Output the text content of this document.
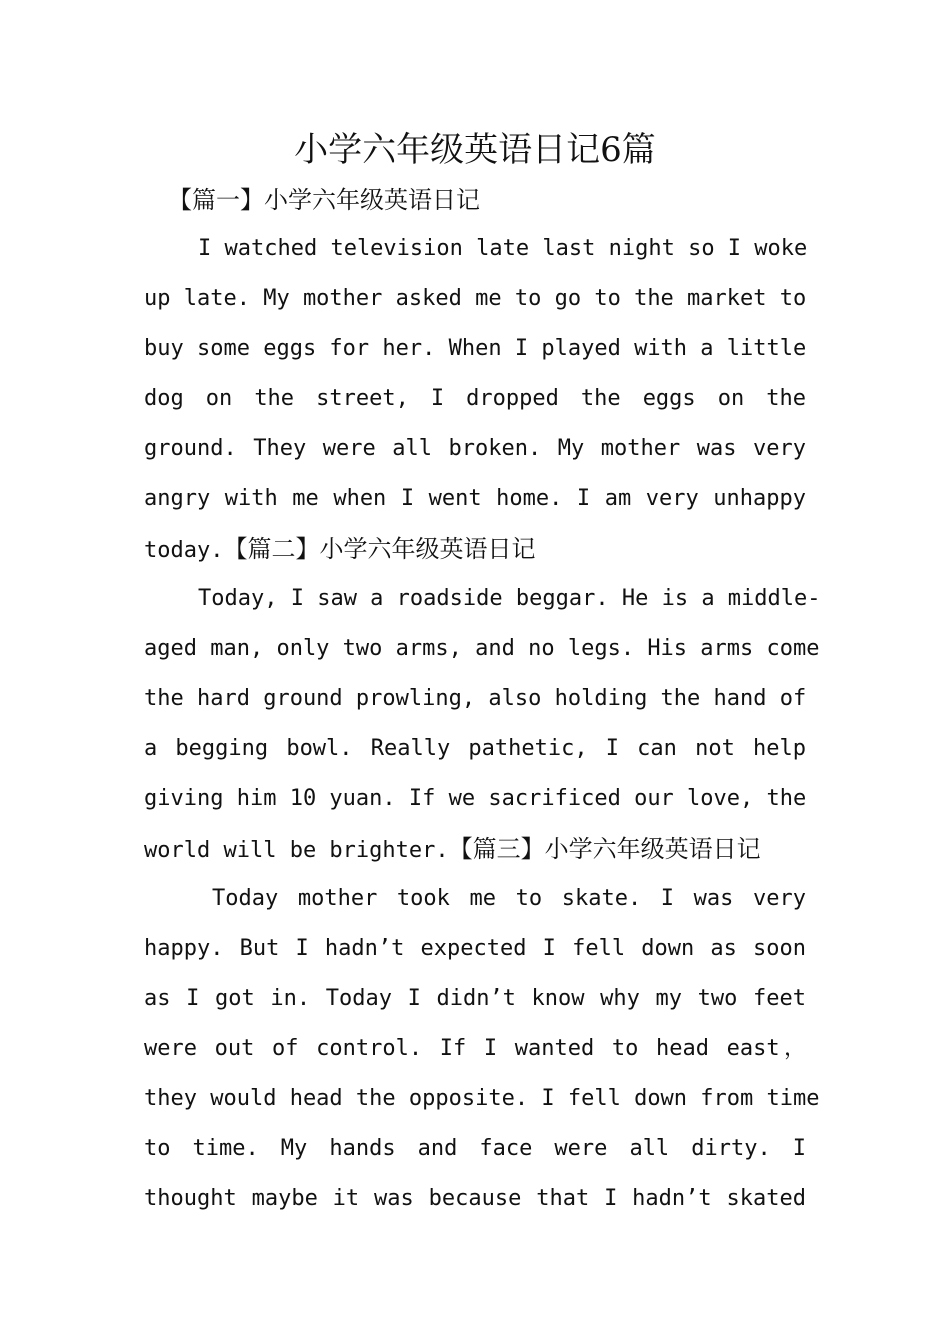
小学六年级英语日记6篇
【篇一】小学六年级英语日记
I watched television late last night so I woke
up late. My mother asked me to go to the market to
buy some eggs for her. When I played with a little
dog on the street, I dropped the eggs on the
ground. They were all broken. My mother was very
angry with me when I went home. I am very unhappy
today.【篇二】小学六年级英语日记
Today, I saw a roadside beggar. He is a middle-
aged man, only two arms, and no legs. His arms come
the hard ground prowling, also holding the hand of
a begging bowl. Really pathetic, I can not help
giving him 10 yuan. If we sacrificed our love, the
world will be brighter.【篇三】小学六年级英语日记
Today mother took me to skate. I was very
happy. But I hadn’t expected I fell down as soon
as I got in. Today I didn’t know why my two feet
were out of control. If I wanted to head east，
they would head the opposite. I fell down from time
to time. My hands and face were all dirty. I
thought maybe it was because that I hadn’t skated
